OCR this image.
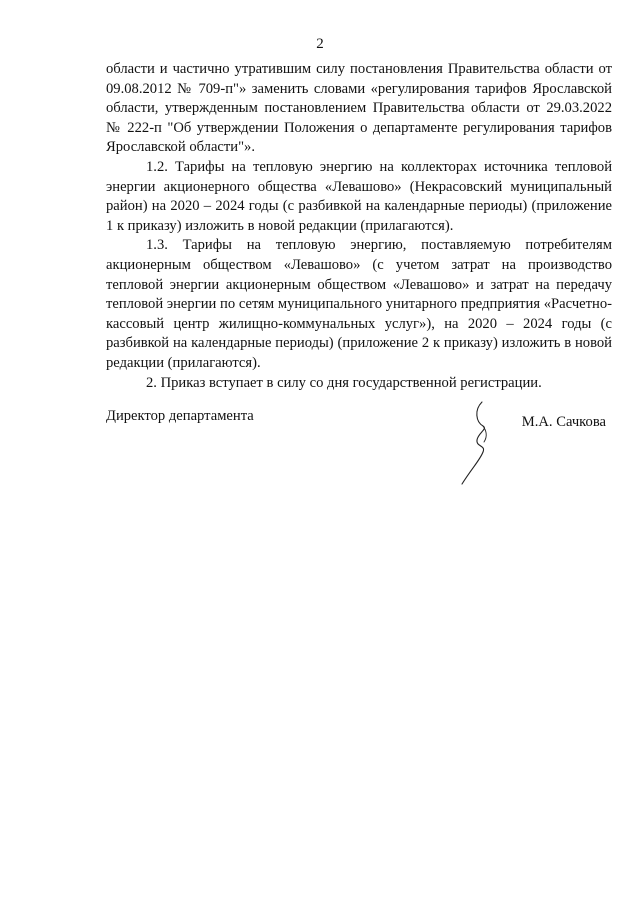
2

области и частично утратившим силу постановления Правительства области от 09.08.2012 № 709-п"» заменить словами «регулирования тарифов Ярославской области, утвержденным постановлением Правительства области от 29.03.2022 № 222-п "Об утверждении Положения о департаменте регулирования тарифов Ярославской области"».

1.2. Тарифы на тепловую энергию на коллекторах источника тепловой энергии акционерного общества «Левашово» (Некрасовский муниципальный район) на 2020 – 2024 годы (с разбивкой на календарные периоды) (приложение 1 к приказу) изложить в новой редакции (прилагаются).

1.3. Тарифы на тепловую энергию, поставляемую потребителям акционерным обществом «Левашово» (с учетом затрат на производство тепловой энергии акционерным обществом «Левашово» и затрат на передачу тепловой энергии по сетям муниципального унитарного предприятия «Расчетно-кассовый центр жилищно-коммунальных услуг»), на 2020 – 2024 годы (с разбивкой на календарные периоды) (приложение 2 к приказу) изложить в новой редакции (прилагаются).

2. Приказ вступает в силу со дня государственной регистрации.

Директор департамента	М.А. Сачкова
